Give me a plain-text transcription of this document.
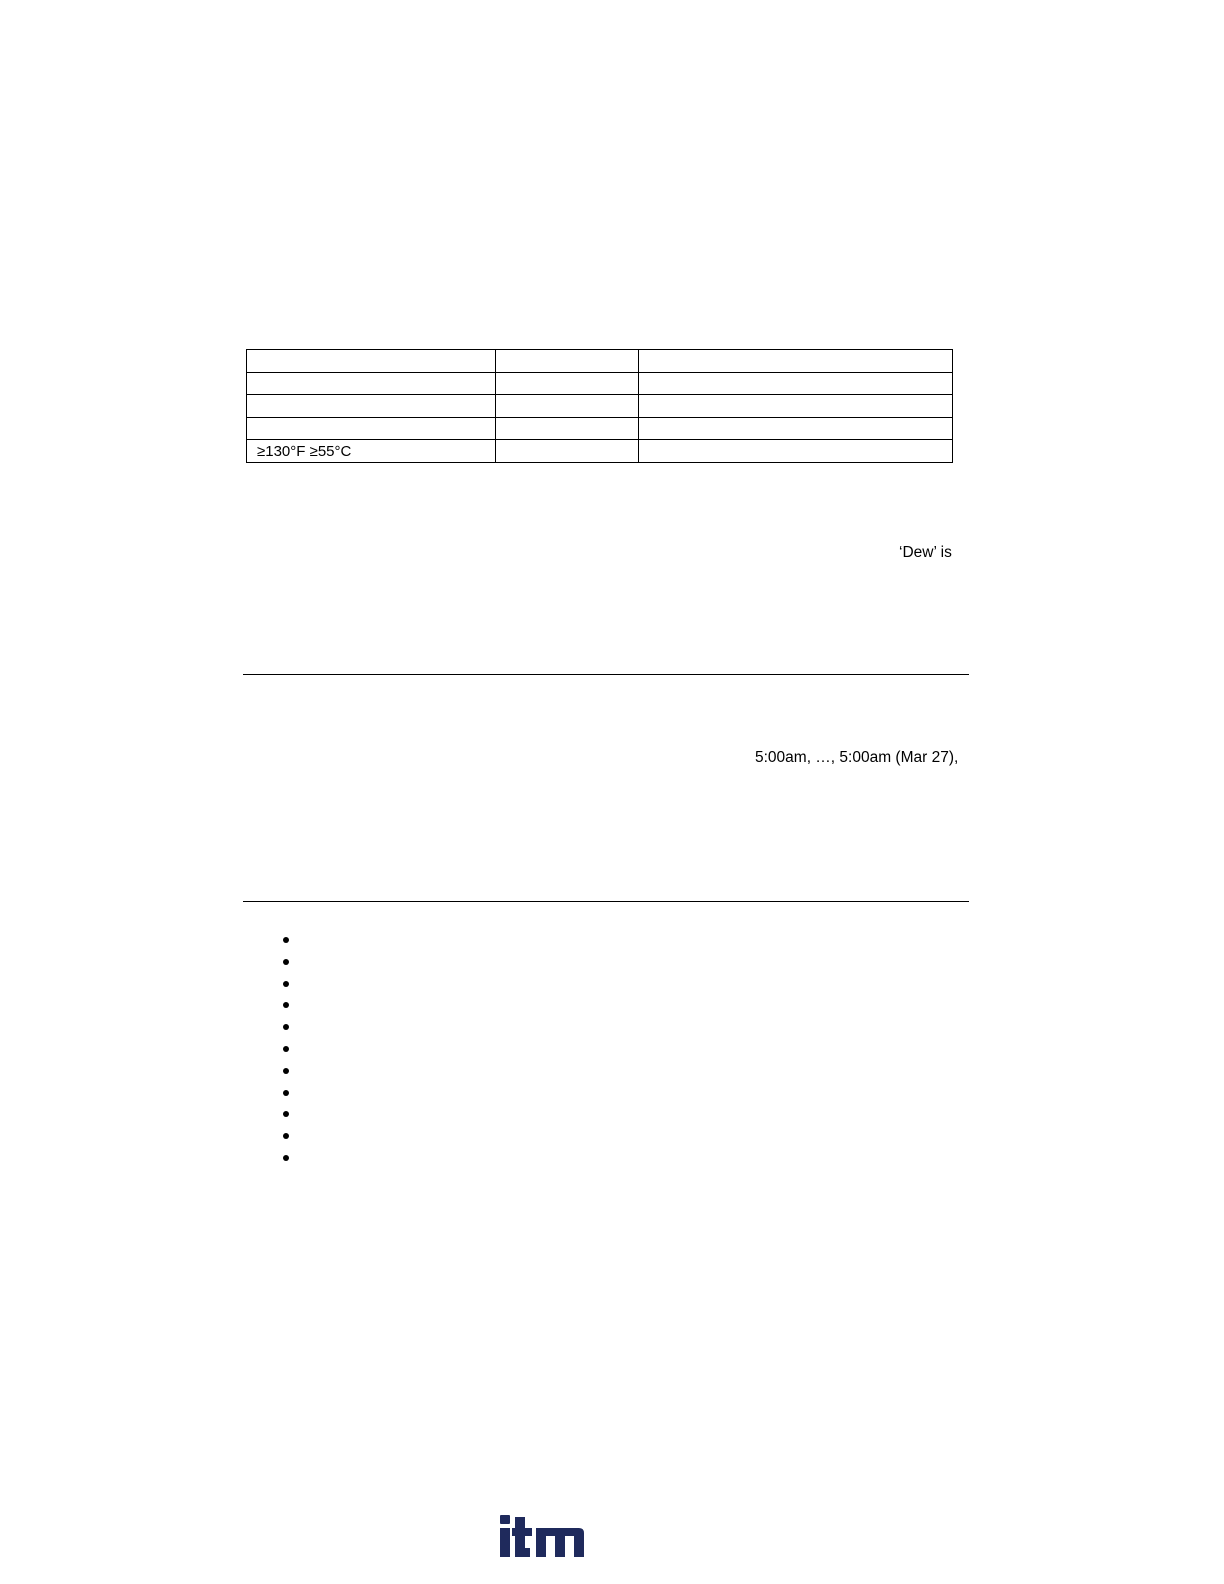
≥130°F ≥55°C		
‘Dew’ is
5:00am, …, 5:00am (Mar 27),
